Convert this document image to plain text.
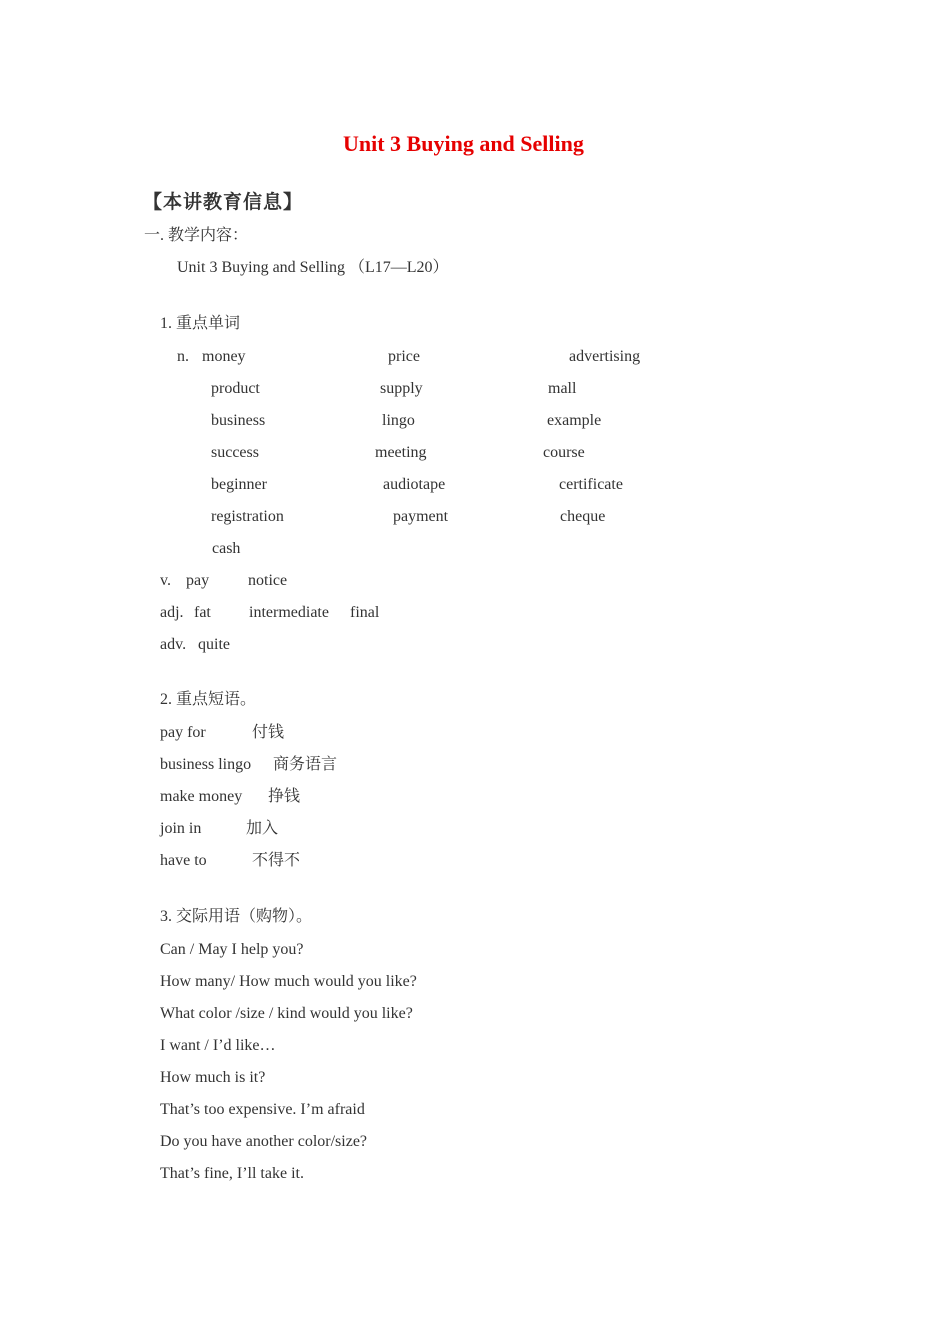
Unit 3 Buying and Selling
【本讲教育信息】
一. 教学内容：
Unit 3 Buying and Selling （L17—L20）
1. 重点单词
n. money	price	advertising
product	supply	mall
business	lingo	example
success	meeting	course
beginner	audiotape	certificate
registration	payment	cheque
cash
v. pay notice
adj. fat intermediate final
adv. quite
2. 重点短语。
pay for	付钱
business lingo 商务语言
make money 挣钱
join in	加入
have to	不得不
3. 交际用语（购物）。
Can / May I help you?
How many/ How much would you like?
What color /size / kind would you like?
I want / I’d like…
How much is it?
That’s too expensive. I’m afraid
Do you have another color/size?
That’s fine, I’ll take it.
